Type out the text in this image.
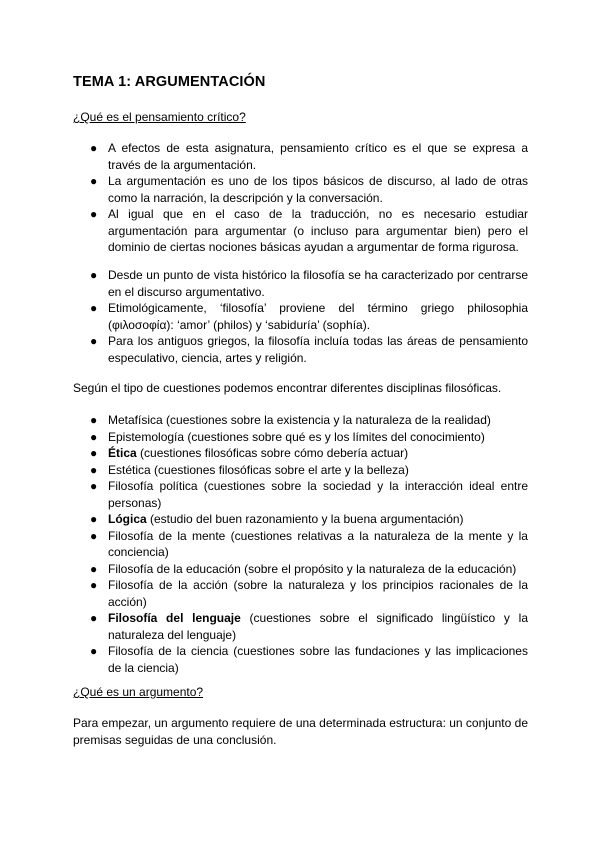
TEMA 1: ARGUMENTACIÓN

¿Qué es el pensamiento crítico?

● A efectos de esta asignatura, pensamiento crítico es el que se expresa a través de la argumentación.
● La argumentación es uno de los tipos básicos de discurso, al lado de otras como la narración, la descripción y la conversación.
● Al igual que en el caso de la traducción, no es necesario estudiar argumentación para argumentar (o incluso para argumentar bien) pero el dominio de ciertas nociones básicas ayudan a argumentar de forma rigurosa.
● Desde un punto de vista histórico la filosofía se ha caracterizado por centrarse en el discurso argumentativo.
● Etimológicamente, ‘filosofía’ proviene del término griego philosophia (φιλοσοφία): ‘amor’ (philos) y ‘sabiduría’ (sophía).
● Para los antiguos griegos, la filosofía incluía todas las áreas de pensamiento especulativo, ciencia, artes y religión.

Según el tipo de cuestiones podemos encontrar diferentes disciplinas filosóficas.

● Metafísica (cuestiones sobre la existencia y la naturaleza de la realidad)
● Epistemología (cuestiones sobre qué es y los límites del conocimiento)
● Ética (cuestiones filosóficas sobre cómo debería actuar)
● Estética (cuestiones filosóficas sobre el arte y la belleza)
● Filosofía política (cuestiones sobre la sociedad y la interacción ideal entre personas)
● Lógica (estudio del buen razonamiento y la buena argumentación)
● Filosofía de la mente (cuestiones relativas a la naturaleza de la mente y la conciencia)
● Filosofía de la educación (sobre el propósito y la naturaleza de la educación)
● Filosofía de la acción (sobre la naturaleza y los principios racionales de la acción)
● Filosofía del lenguaje (cuestiones sobre el significado lingüístico y la naturaleza del lenguaje)
● Filosofía de la ciencia (cuestiones sobre las fundaciones y las implicaciones de la ciencia)

¿Qué es un argumento?

Para empezar, un argumento requiere de una determinada estructura: un conjunto de premisas seguidas de una conclusión.
